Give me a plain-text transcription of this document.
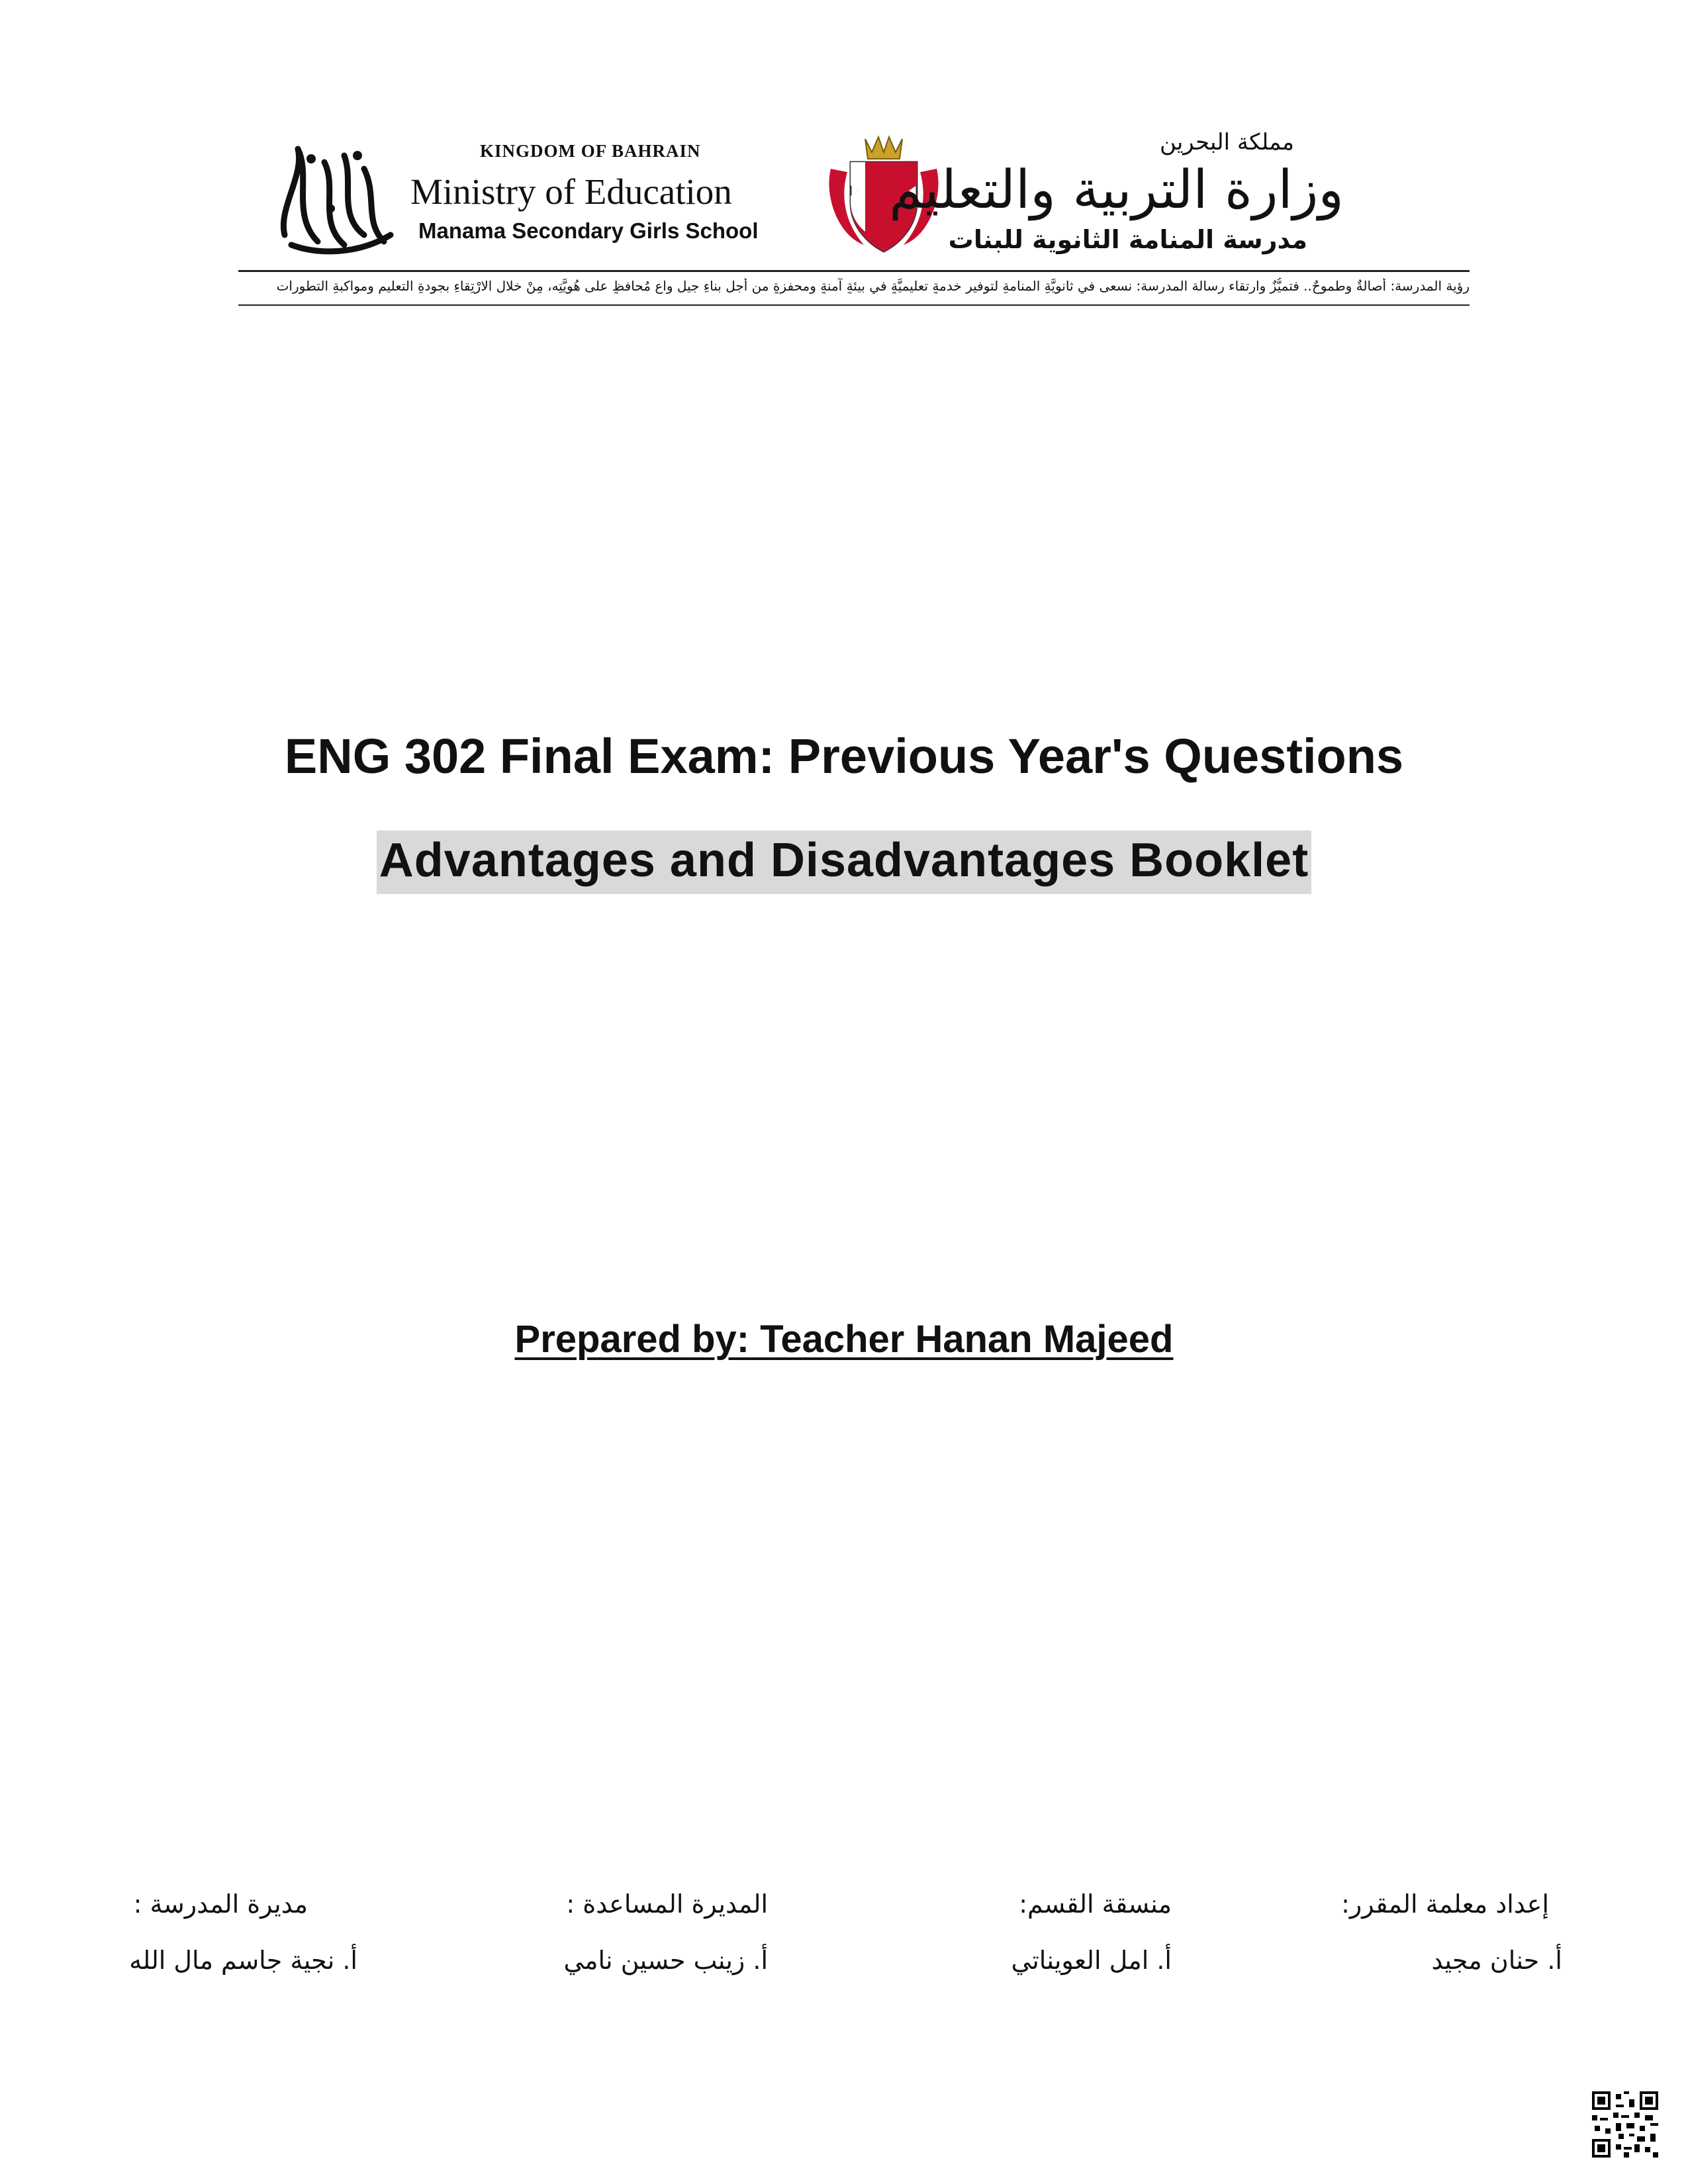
KINGDOM OF BAHRAIN
Ministry of Education
Manama Secondary Girls School
مملكة البحرين
وزارة التربية والتعليم
مدرسة المنامة الثانوية للبنات
رؤية المدرسة: أصالةٌ وطموحٌ.. فتميُّزٌ وارتقاء رسالة المدرسة: نسعى في ثانويَّةِ المنامةِ لتوفيرِ خدمةٍ تعليميَّةٍ في بيئةٍ آمنةٍ ومحفزةٍ من أجلِ بناءِ جيلٍ واعٍ مُحافظٍ على هُويَّتِه، مِنْ خلالِ الارْتِقاءِ بجودةِ التعليمِ ومواكبةِ التطورات
ENG 302 Final Exam: Previous Year's Questions
Advantages and Disadvantages Booklet
Prepared by: Teacher Hanan Majeed
إعداد معلمة المقرر:
أ. حنان مجيد
منسقة القسم:
أ. امل العويناتي
المديرة المساعدة :
أ. زينب حسين نامي
مديرة المدرسة :
أ. نجية جاسم مال الله
